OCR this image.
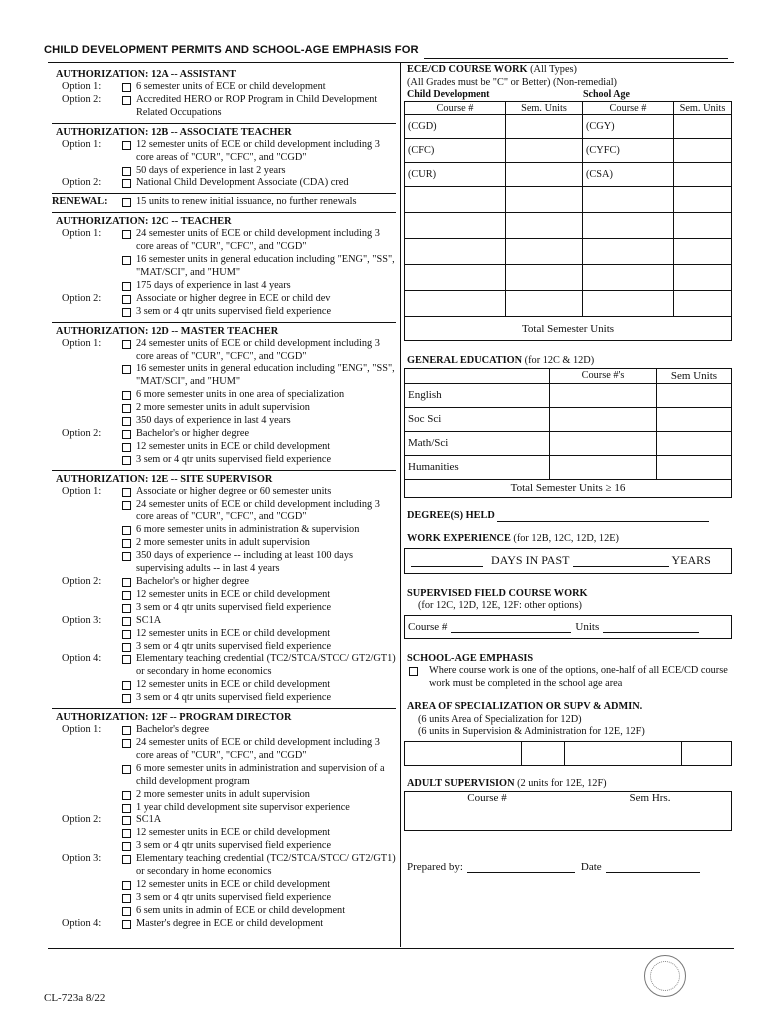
CHILD DEVELOPMENT PERMITS AND SCHOOL-AGE EMPHASIS FOR
AUTHORIZATION: 12A -- ASSISTANT
Option 1:	6 semester units of ECE or child development
Option 2:	Accredited HERO or ROP Program in Child Development Related Occupations
AUTHORIZATION: 12B -- ASSOCIATE TEACHER
Option 1:	12 semester units of ECE or child development including 3 core areas of "CUR", "CFC", and "CGD"
50 days of experience in last 2 years
Option 2:	National Child Development Associate (CDA) cred
RENEWAL:	15 units to renew initial issuance, no further renewals
AUTHORIZATION: 12C -- TEACHER
Option 1:	24 semester units of ECE or child development including 3 core areas of "CUR", "CFC", and "CGD"
16 semester units in general education including "ENG", "SS", "MAT/SCI", and "HUM"
175 days of experience in last 4 years
Option 2:	Associate or higher degree in ECE or child dev
3 sem or 4 qtr units supervised field experience
AUTHORIZATION: 12D -- MASTER TEACHER
Option 1:	24 semester units of ECE or child development including 3 core areas of "CUR", "CFC", and "CGD"
16 semester units in general education including "ENG", "SS", "MAT/SCI", and "HUM"
6 more semester units in one area of specialization
2 more semester units in adult supervision
350 days of experience in last 4 years
Option 2:	Bachelor's or higher degree
12 semester units in ECE or child development
3 sem or 4 qtr units supervised field experience
AUTHORIZATION: 12E -- SITE SUPERVISOR
Option 1:	Associate or higher degree or 60 semester units
24 semester units of ECE or child development including 3 core areas of "CUR", "CFC", and "CGD"
6 more semester units in administration & supervision
2 more semester units in adult supervision
350 days of experience -- including at least 100 days supervising adults -- in last 4 years
Option 2:	Bachelor's or higher degree
12 semester units in ECE or child development
3 sem or 4 qtr units supervised field experience
Option 3:	SC1A
12 semester units in ECE or child development
3 sem or 4 qtr units supervised field experience
Option 4:	Elementary teaching credential (TC2/STCA/STCC/ GT2/GT1) or secondary in home economics
12 semester units in ECE or child development
3 sem or 4 qtr units supervised field experience
AUTHORIZATION: 12F -- PROGRAM DIRECTOR
Option 1:	Bachelor's degree
24 semester units of ECE or child development including 3 core areas of "CUR", "CFC", and "CGD"
6 more semester units in administration and supervision of a child development program
2 more semester units in adult supervision
1 year child development site supervisor experience
Option 2:	SC1A
12 semester units in ECE or child development
3 sem or 4 qtr units supervised field experience
Option 3:	Elementary teaching credential (TC2/STCA/STCC/ GT2/GT1) or secondary in home economics
12 semester units in ECE or child development
3 sem or 4 qtr units supervised field experience
6 sem units in admin of ECE or child development
Option 4:	Master's degree in ECE or child development
ECE/CD COURSE WORK (All Types)
(All Grades must be "C" or Better) (Non-remedial)
Child Development	School Age
Course #	Sem. Units	Course #	Sem. Units
(CGD)		(CGY)	
(CFC)		(CYFC)	
(CUR)		(CSA)	

Total Semester Units			
GENERAL EDUCATION (for 12C & 12D)
	Course #'s	Sem Units
English		
Soc Sci		
Math/Sci		
Humanities		
Total Semester Units ≥ 16		
DEGREE(S) HELD
WORK EXPERIENCE (for 12B, 12C, 12D, 12E)
DAYS IN PAST	YEARS
SUPERVISED FIELD COURSE WORK
(for 12C, 12D, 12E, 12F: other options)
Course #	Units
SCHOOL-AGE EMPHASIS
Where course work is one of the options, one-half of all ECE/CD course work must be completed in the school age area
AREA OF SPECIALIZATION OR SUPV & ADMIN.
(6 units Area of Specialization for 12D)
(6 units in Supervision & Administration for 12E, 12F)

ADULT SUPERVISION (2 units for 12E, 12F)
Course #	Sem Hrs.
Prepared by:	Date
CL-723a 8/22
